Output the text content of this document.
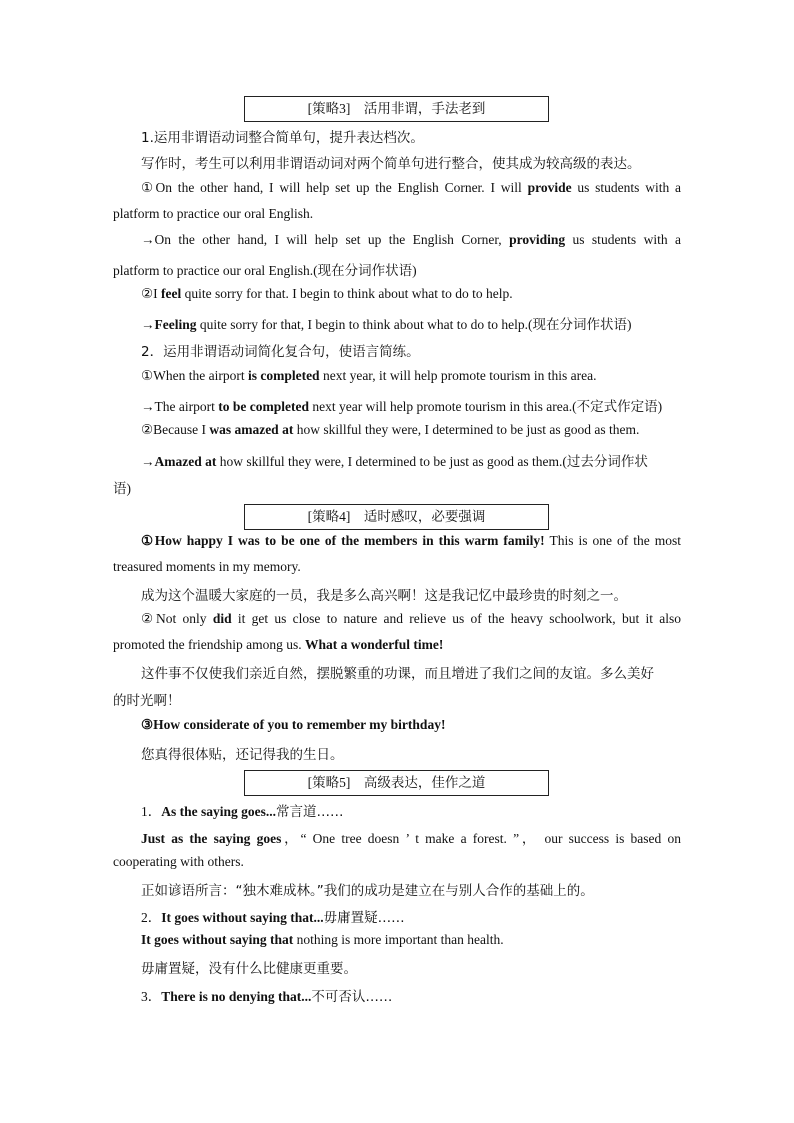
[策略3]　活用非谓，手法老到
1.运用非谓语动词整合简单句，提升表达档次。
写作时，考生可以利用非谓语动词对两个简单句进行整合，使其成为较高级的表达。
①On the other hand, I will help set up the English Corner. I will provide us students with a
platform to practice our oral English.
→On the other hand, I will help set up the English Corner, providing us students with a
platform to practice our oral English.(现在分词作状语)
②I feel quite sorry for that. I begin to think about what to do to help.
→Feeling quite sorry for that, I begin to think about what to do to help.(现在分词作状语)
2．运用非谓语动词简化复合句，使语言简练。
①When the airport is completed next year, it will help promote tourism in this area.
→The airport to be completed next year will help promote tourism in this area.(不定式作定语)
②Because I was amazed at how skillful they were, I determined to be just as good as them.
→Amazed at how skillful they were, I determined to be just as good as them.(过去分词作状
语)
[策略4]　适时感叹，必要强调
①How happy I was to be one of the members in this warm family! This is one of the most
treasured moments in my memory.
成为这个温暖大家庭的一员，我是多么高兴啊！这是我记忆中最珍贵的时刻之一。
②Not only did it get us close to nature and relieve us of the heavy schoolwork, but it also
promoted the friendship among us. What a wonderful time!
这件事不仅使我们亲近自然，摆脱繁重的功课，而且增进了我们之间的友谊。多么美好
的时光啊！
③How considerate of you to remember my birthday!
您真得很体贴，还记得我的生日。
[策略5]　高级表达，佳作之道
1．As the saying goes...常言道……
Just as the saying goes，“ One tree doesn ’ t make a forest. ”， our success is based on
cooperating with others.
正如谚语所言：“独木难成林。”我们的成功是建立在与别人合作的基础上的。
2．It goes without saying that...毋庸置疑……
It goes without saying that nothing is more important than health.
毋庸置疑，没有什么比健康更重要。
3．There is no denying that...不可否认……
